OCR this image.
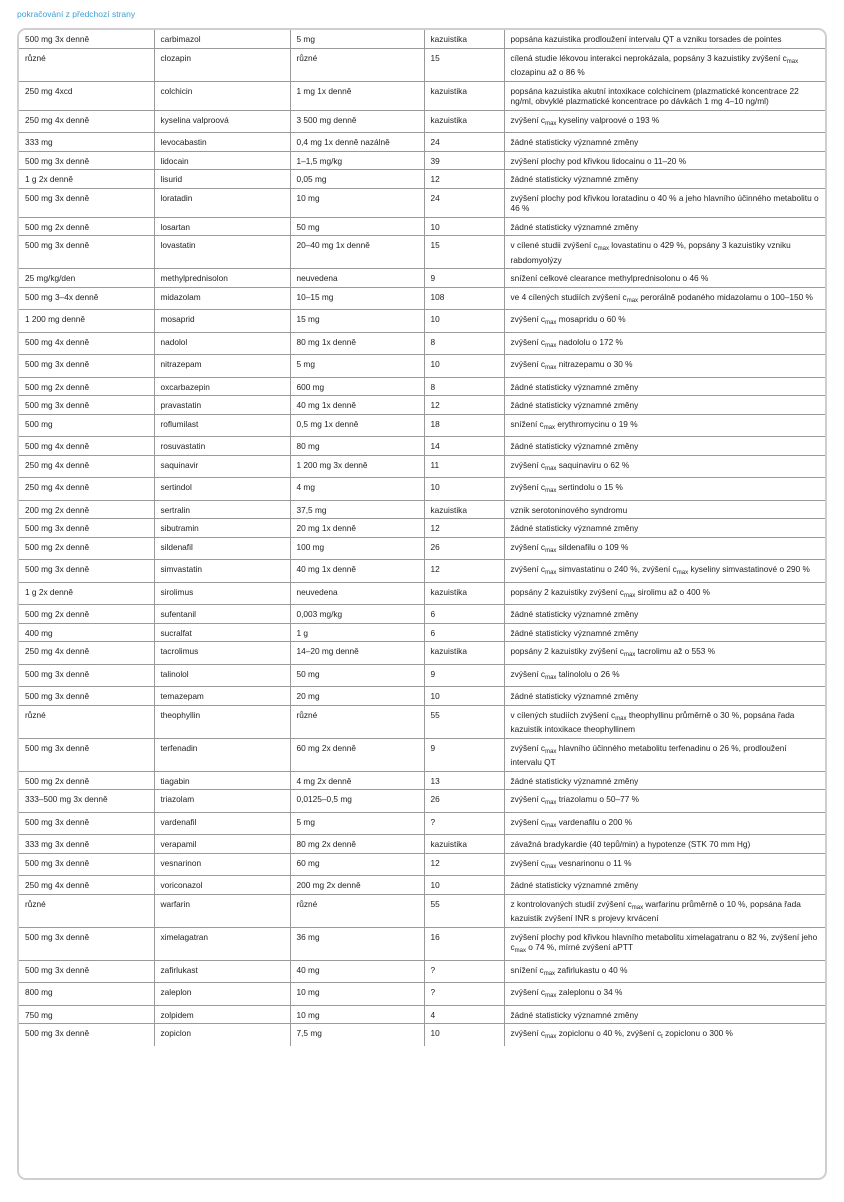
pokračování z předchozí strany
500 mg 3x denně	carbimazol	5 mg	kazuistika	popsána kazuistika prodloužení intervalu QT a vzniku torsades de pointes
různé	clozapin	různé	15	cílená studie lékovou interakci neprokázala, popsány 3 kazuistiky zvýšení $c_{max}$ clozapinu až o 86 %
250 mg 4xcd	colchicin	1 mg 1x denně	kazuistika	popsána kazuistika akutní intoxikace colchicinem (plazmatické koncentrace 22 ng/ml, obvyklé plazmatické koncentrace po dávkách 1 mg 4–10 ng/ml)
250 mg 4x denně	kyselina valproová	3 500 mg denně	kazuistika	zvýšení $c_{max}$ kyseliny valproové o 193 %
333 mg	levocabastin	0,4 mg 1x denně nazálně	24	žádné statisticky významné změny
500 mg 3x denně	lidocain	1–1,5 mg/kg	39	zvýšení plochy pod křivkou lidocainu o 11–20 %
1 g 2x denně	lisurid	0,05 mg	12	žádné statisticky významné změny
500 mg 3x denně	loratadin	10 mg	24	zvýšení plochy pod křivkou loratadinu o 40 % a jeho hlavního účinného metabolitu o 46 %
500 mg 2x denně	losartan	50 mg	10	žádné statisticky významné změny
500 mg 3x denně	lovastatin	20–40 mg 1x denně	15	v cílené studii zvýšení $c_{max}$ lovastatinu o 429 %, popsány 3 kazuistiky vzniku rabdomyolýzy
25 mg/kg/den	methylprednisolon	neuvedena	9	snížení celkové clearance methylprednisolonu o 46 %
500 mg 3–4x denně	midazolam	10–15 mg	108	ve 4 cílených studiích zvýšení $c_{max}$ perorálně podaného midazolamu o 100–150 %
1 200 mg denně	mosaprid	15 mg	10	zvýšení $c_{max}$ mosapridu o 60 %
500 mg 4x denně	nadolol	80 mg 1x denně	8	zvýšení $c_{max}$ nadololu o 172 %
500 mg 3x denně	nitrazepam	5 mg	10	zvýšení $c_{max}$ nitrazepamu o 30 %
500 mg 2x denně	oxcarbazepin	600 mg	8	žádné statisticky významné změny
500 mg 3x denně	pravastatin	40 mg 1x denně	12	žádné statisticky významné změny
500 mg	roflumilast	0,5 mg 1x denně	18	snížení $c_{max}$ erythromycinu o 19 %
500 mg 4x denně	rosuvastatin	80 mg	14	žádné statisticky významné změny
250 mg 4x denně	saquinavir	1 200 mg 3x denně	11	zvýšení $c_{max}$ saquinaviru o 62 %
250 mg 4x denně	sertindol	4 mg	10	zvýšení $c_{max}$ sertindolu o 15 %
200 mg 2x denně	sertralin	37,5 mg	kazuistika	vznik serotoninového syndromu
500 mg 3x denně	sibutramin	20 mg 1x denně	12	žádné statisticky významné změny
500 mg 2x denně	sildenafil	100 mg	26	zvýšení $c_{max}$ sildenafilu o 109 %
500 mg 3x denně	simvastatin	40 mg 1x denně	12	zvýšení $c_{max}$ simvastatinu o 240 %, zvýšení $c_{max}$ kyseliny simvastatinové o 290 %
1 g 2x denně	sirolimus	neuvedena	kazuistika	popsány 2 kazuistiky zvýšení $c_{max}$ sirolimu až o 400 %
500 mg 2x denně	sufentanil	0,003 mg/kg	6	žádné statisticky významné změny
400 mg	sucralfat	1 g	6	žádné statisticky významné změny
250 mg 4x denně	tacrolimus	14–20 mg denně	kazuistika	popsány 2 kazuistiky zvýšení $c_{max}$ tacrolimu až o 553 %
500 mg 3x denně	talinolol	50 mg	9	zvýšení $c_{max}$ talinololu o 26 %
500 mg 3x denně	temazepam	20 mg	10	žádné statisticky významné změny
různé	theophyllin	různé	55	v cílených studiích zvýšení $c_{max}$ theophyllinu průměrně o 30 %, popsána řada kazuistik intoxikace theophyllinem
500 mg 3x denně	terfenadin	60 mg 2x denně	9	zvýšení $c_{max}$ hlavního účinného metabolitu terfenadinu o 26 %, prodloužení intervalu QT
500 mg 2x denně	tiagabin	4 mg 2x denně	13	žádné statisticky významné změny
333–500 mg 3x denně	triazolam	0,0125–0,5 mg	26	zvýšení $c_{max}$ triazolamu o 50–77 %
500 mg 3x denně	vardenafil	5 mg	?	zvýšení $c_{max}$ vardenafilu o 200 %
333 mg 3x denně	verapamil	80 mg 2x denně	kazuistika	závažná bradykardie (40 tepů/min) a hypotenze (STK 70 mm Hg)
500 mg 3x denně	vesnarinon	60 mg	12	zvýšení $c_{max}$ vesnarinonu o 11 %
250 mg 4x denně	voriconazol	200 mg 2x denně	10	žádné statisticky významné změny
různé	warfarin	různé	55	z kontrolovaných studií zvýšení $c_{max}$ warfarinu průměrně o 10 %, popsána řada kazuistik zvýšení INR s projevy krvácení
500 mg 3x denně	ximelagatran	36 mg	16	zvýšení plochy pod křivkou hlavního metabolitu ximelagatranu o 82 %, zvýšení jeho $c_{max}$ o 74 %, mírné zvýšení aPTT
500 mg 3x denně	zafirlukast	40 mg	?	snížení $c_{max}$ zafirlukastu o 40 %
800 mg	zaleplon	10 mg	?	zvýšení $c_{max}$ zaleplonu o 34 %
750 mg	zolpidem	10 mg	4	žádné statisticky významné změny
500 mg 3x denně	zopiclon	7,5 mg	10	zvýšení $c_{max}$ zopiclonu o 40 %, zvýšení $c_t$ zopiclonu o 300 %
